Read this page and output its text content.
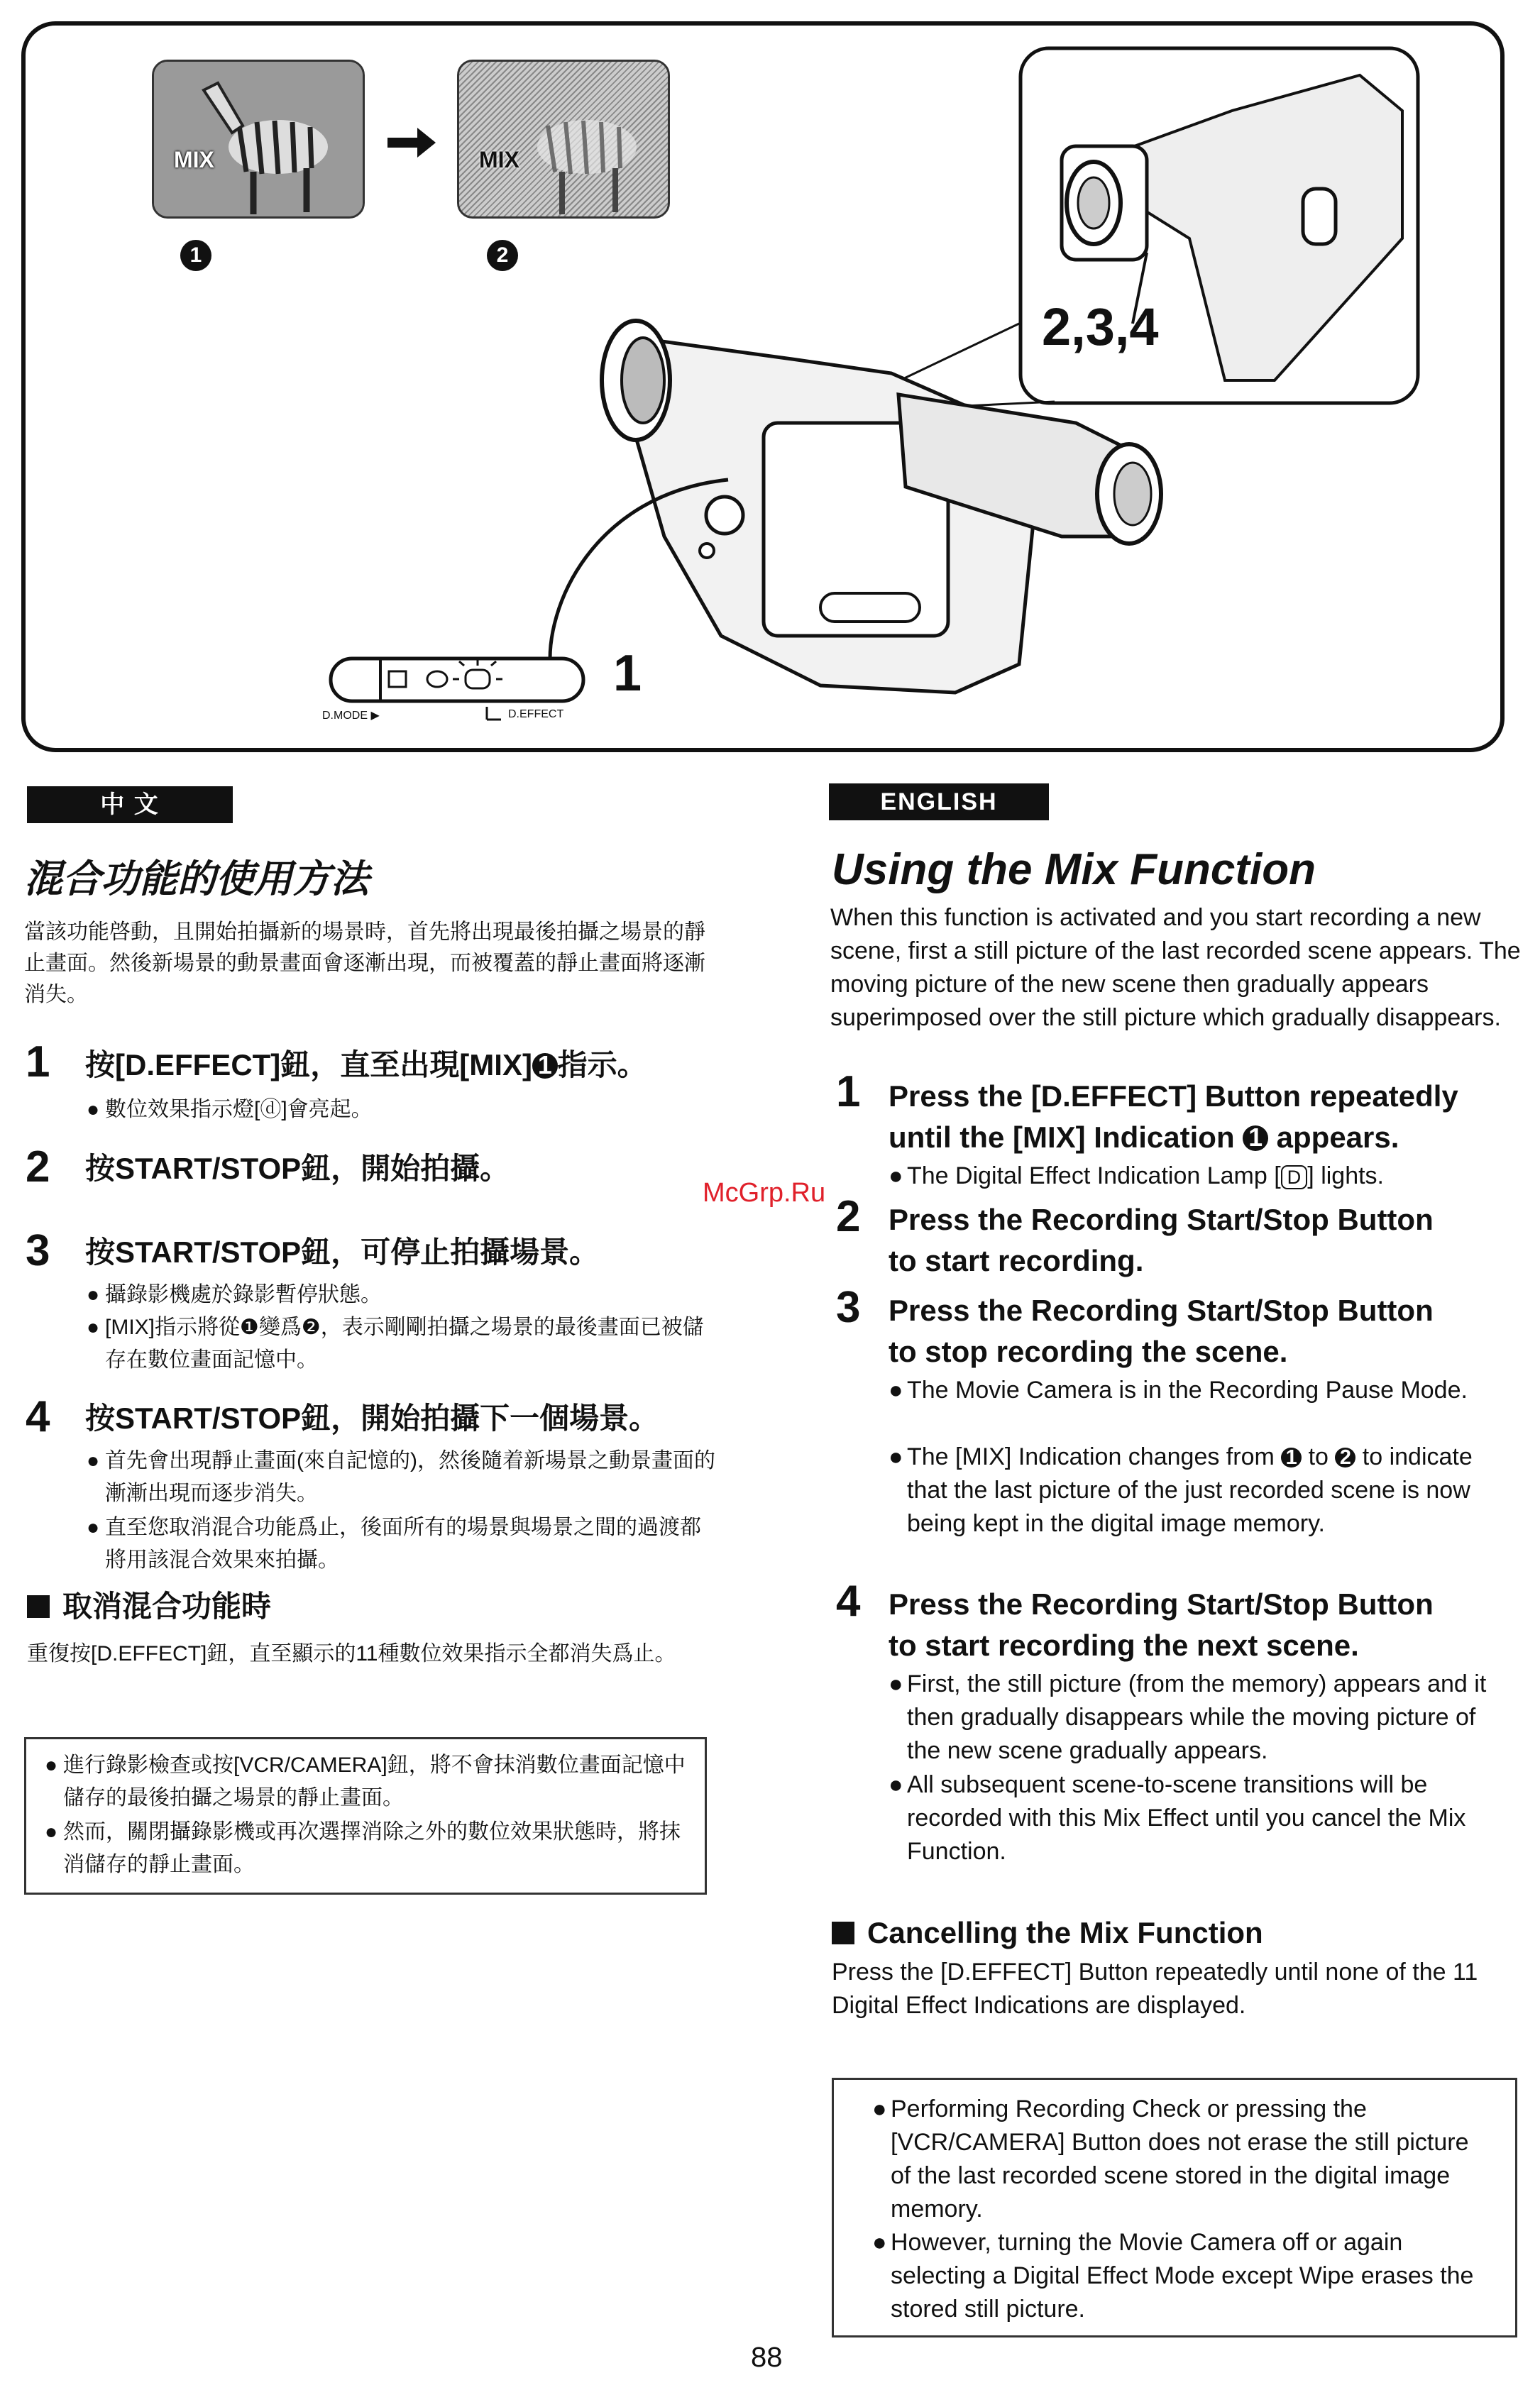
MIX	MIX
1	2
2,3,4
1
D.MODE ▶	D.EFFECT
中 文
混合功能的使用方法
當該功能啓動，且開始拍攝新的場景時，首先將出現最後拍攝之場景的靜止畫面。然後新場景的動景畫面會逐漸出現，而被覆蓋的靜止畫面將逐漸消失。
1 按[D.EFFECT]鈕，直至出現[MIX] 1 指示。
● 數位效果指示燈[ⓓ]會亮起。
2 按START/STOP鈕，開始拍攝。
3 按START/STOP鈕，可停止拍攝場景。
● 攝錄影機處於錄影暫停狀態。
● [MIX]指示將從❶變爲❷，表示剛剛拍攝之場景的最後畫面已被儲存在數位畫面記憶中。
4 按START/STOP鈕，開始拍攝下一個場景。
● 首先會出現靜止畫面(來自記憶的)，然後隨着新場景之動景畫面的漸漸出現而逐步消失。
● 直至您取消混合功能爲止，後面所有的場景與場景之間的過渡都將用該混合效果來拍攝。
取消混合功能時
重復按[D.EFFECT]鈕，直至顯示的11種數位效果指示全都消失爲止。
● 進行錄影檢查或按[VCR/CAMERA]鈕，將不會抹消數位畫面記憶中儲存的最後拍攝之場景的靜止畫面。
● 然而，關閉攝錄影機或再次選擇消除之外的數位效果狀態時，將抹消儲存的靜止畫面。
ENGLISH
Using the Mix Function
When this function is activated and you start recording a new scene, first a still picture of the last recorded scene appears. The moving picture of the new scene then gradually appears superimposed over the still picture which gradually disappears.
1 Press the [D.EFFECT] Button repeatedly
until the [MIX] Indication 1 appears.
● The Digital Effect Indication Lamp [ D ] lights.
2 Press the Recording Start/Stop Button
to start recording.
3 Press the Recording Start/Stop Button
to stop recording the scene.
● The Movie Camera is in the Recording Pause Mode.
● The [MIX] Indication changes from 1 to 2 to indicate that the last picture of the just recorded scene is now being kept in the digital image memory.
4 Press the Recording Start/Stop Button
to start recording the next scene.
● First, the still picture (from the memory) appears and it then gradually disappears while the moving picture of the new scene gradually appears.
● All subsequent scene-to-scene transitions will be recorded with this Mix Effect until you cancel the Mix Function.
Cancelling the Mix Function
Press the [D.EFFECT] Button repeatedly until none of the 11 Digital Effect Indications are displayed.
● Performing Recording Check or pressing the [VCR/CAMERA] Button does not erase the still picture of the last recorded scene stored in the digital image memory.
● However, turning the Movie Camera off or again selecting a Digital Effect Mode except Wipe erases the stored still picture.
McGrp.Ru
88
